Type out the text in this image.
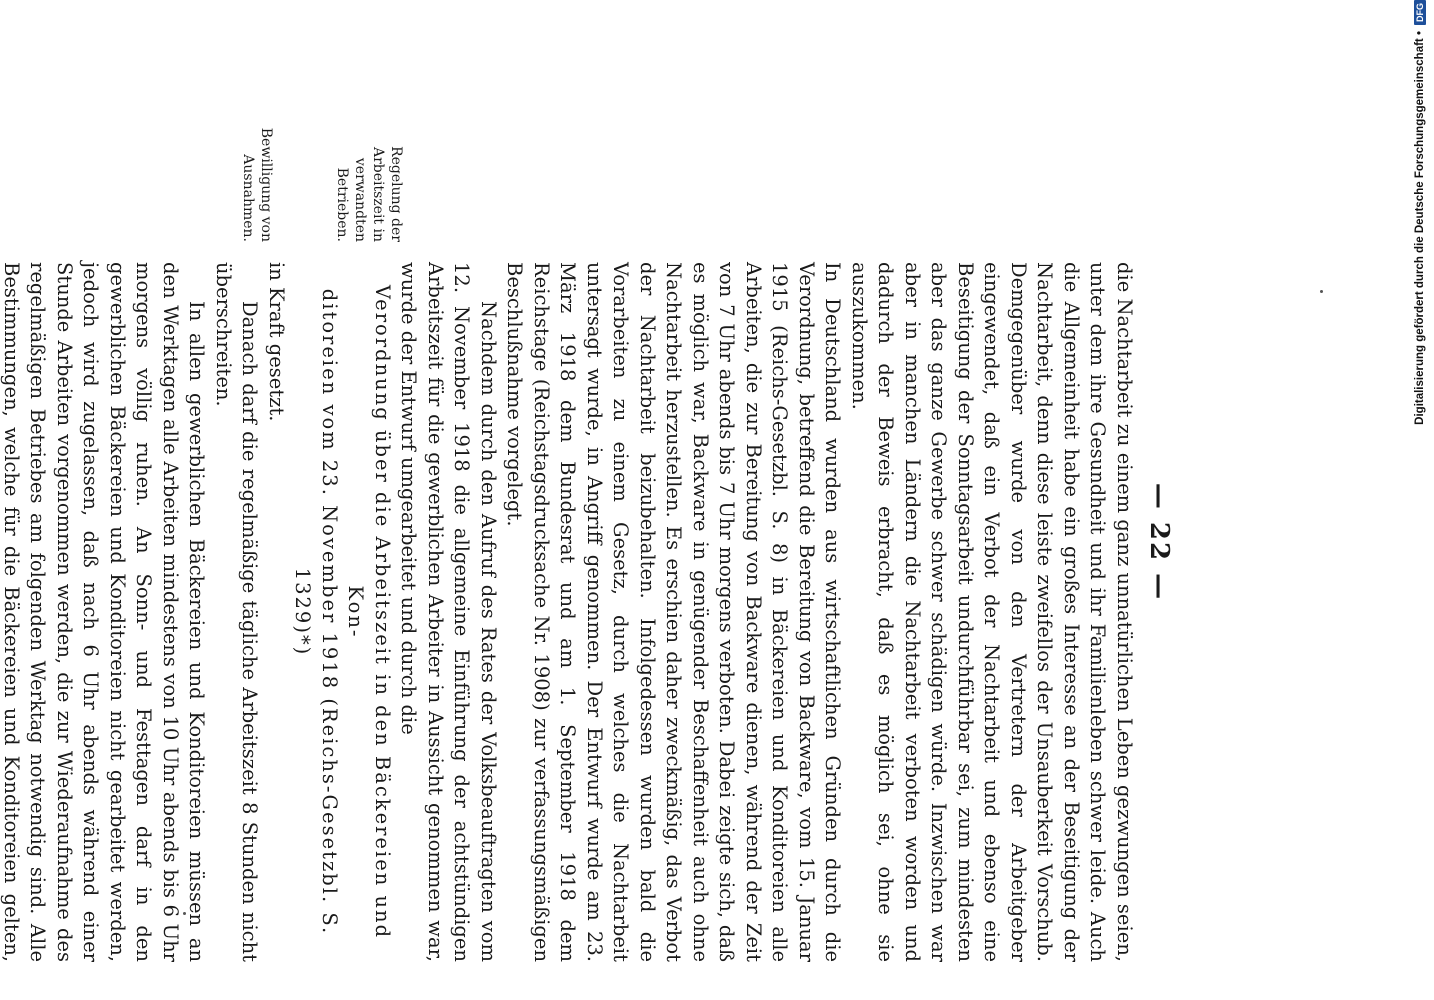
— 22 —
Regelung der Arbeitszeit in verwandten Betrieben.
Bewilligung von Ausnahmen.

die Nachtarbeit zu einem ganz unnatürlichen Leben gezwungen seien, unter dem ihre Gesundheit und ihr Familienleben schwer leide. Auch die Allgemeinheit habe ein großes Interesse an der Beseitigung der Nachtarbeit, denn diese leiste zweifellos der Unsauberkeit Vorschub. Demgegenüber wurde von den Vertretern der Arbeitgeber eingewendet, daß ein Verbot der Nachtarbeit und ebenso eine Beseitigung der Sonntagsarbeit undurchführbar sei, zum mindesten aber das ganze Gewerbe schwer schädigen würde. Inzwischen war aber in manchen Ländern die Nachtarbeit verboten worden und dadurch der Beweis erbracht, daß es möglich sei, ohne sie auszukommen.

In Deutschland wurden aus wirtschaftlichen Gründen durch die Verordnung, betreffend die Bereitung von Backware, vom 15. Januar 1915 (Reichs-Gesetzbl. S. 8) in Bäckereien und Konditoreien alle Arbeiten, die zur Bereitung von Backware dienen, während der Zeit von 7 Uhr abends bis 7 Uhr morgens verboten. Dabei zeigte sich, daß es möglich war, Backware in genügender Beschaffenheit auch ohne Nachtarbeit herzustellen. Es erschien daher zweckmäßig, das Verbot der Nachtarbeit beizubehalten. Infolgedessen wurden bald die Vorarbeiten zu einem Gesetz, durch welches die Nachtarbeit untersagt wurde, in Angriff genommen. Der Entwurf wurde am 23. März 1918 dem Bundesrat und am 1. September 1918 dem Reichstage (Reichstagsdrucksache Nr. 1908) zur verfassungsmäßigen Beschlußnahme vorgelegt.

Nachdem durch den Aufruf des Rates der Volksbeauftragten vom 12. November 1918 die allgemeine Einführung der achtstündigen Arbeitszeit für die gewerblichen Arbeiter in Aussicht genommen war, wurde der Entwurf umgearbeitet und durch die

Verordnung über die Arbeitszeit in den Bäckereien und Kon-

ditoreien vom 23. November 1918 (Reichs-Gesetzbl. S. 1329)*)

in Kraft gesetzt.

Danach darf die regelmäßige tägliche Arbeitszeit 8 Stunden nicht überschreiten.

In allen gewerblichen Bäckereien und Konditoreien müssen an den Werktagen alle Arbeiten mindestens von 10 Uhr abends bis 6 Uhr morgens völlig ruhen. An Sonn- und Festtagen darf in den gewerblichen Bäckereien und Konditoreien nicht gearbeitet werden, jedoch wird zugelassen, daß nach 6 Uhr abends während einer Stunde Arbeiten vorgenommen werden, die zur Wiederaufnahme des regelmäßigen Betriebes am folgenden Werktag notwendig sind. Alle Bestimmungen, welche für die Bäckereien und Konditoreien gelten,

Digitalisierung gefördert durch die Deutsche Forschungsgemeinschaft •
DFG
